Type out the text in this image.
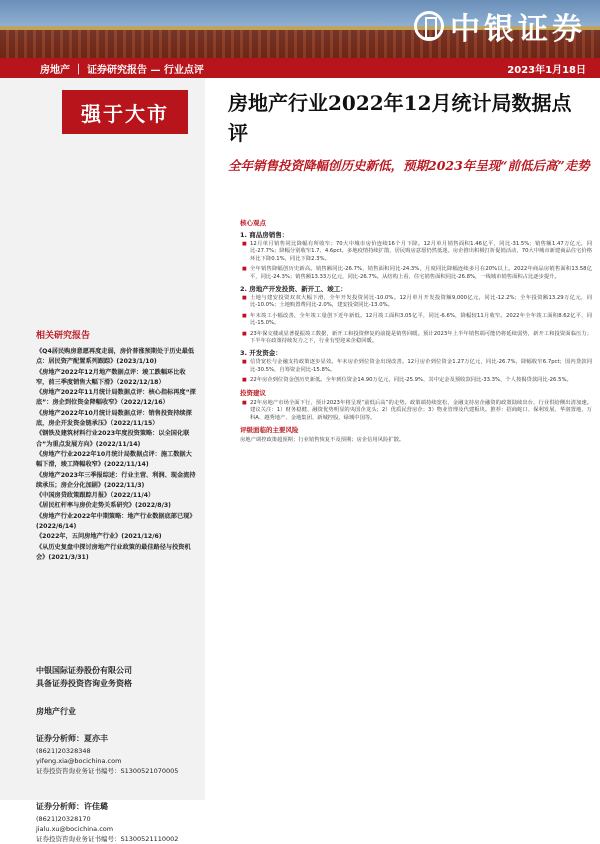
中银证券
房地产 ｜ 证券研究报告 — 行业点评	2023年1月18日
强于大市
相关研究报告
《Q4居民购房意愿再度走弱，房价普涨预期处于历史最低点：居民资产配置系列跟踪》(2023/1/10)
《房地产2022年12月地产数据点评：竣工跌幅环比收窄，前三季度销售大幅下滑》（2022/12/18）
《房地产2022年11月统计局数据点评：核心指标再度“探底”：房企到位资金降幅收窄》（2022/12/16）
《房地产2022年10月统计局数据点评：销售投资持续探底，房企开发资金链承压》（2022/11/15）
《钢铁及建筑材料行业2023年度投资策略：以全国化联合”为重点发展方向》(2022/11/14)
《房地产行业2022年10月统计局数据点评：施工数据大幅下滑，竣工降幅收窄》(2022/11/14)
《房地产2023年三季报综述：行业主营、利润、现金流持续承压；房企分化加剧》(2022/11/3)
《中国房贷政策跟踪月报》（2022/11/4）
《居民杠杆率与房价走势关系研究》(2022/8/3)
《房地产行业2022年中期策略：地产行业数据底部已现》(2022/6/14)
《2022年，五问房地产行业》(2021/12/6)
《从历史复盘中探讨房地产行业政策的最佳路径与投资机会》(2021/3/31)
中银国际证券股份有限公司
具备证券投资咨询业务资格
房地产行业
证券分析师：夏亦丰
(8621)20328348
yifeng.xia@bocichina.com
证券投资咨询业务证书编号：S1300521070005
证券分析师：许佳璐
(8621)20328170
jialu.xu@bocichina.com
证券投资咨询业务证书编号：S1300521110002
房地产行业2022年12月统计局数据点评
全年销售投资降幅创历史新低，预期2023年呈现“前低后高”走势
核心观点
1. 商品房销售：
■ 12月单月销售同比降幅有所收窄；70大中城市房价连续16个月下降。12月单月销售面积1.46亿平，同比-31.5%；销售额1.47万亿元，同比-27.7%；降幅分别收窄1.7、4.6pct。多地疫情持续扩散，居民购房意愿仍然低迷。房企推出积极打折促销活动，70大中城市新建商品住宅价格环比下降0.1%，同比下降2.3%。
■ 全年销售降幅创历史新高。销售额同比-26.7%，销售面积同比-24.3%，月度同比降幅连续多月在20%以上。2022年商品房销售面积13.58亿平，同比-24.3%；销售额13.33万亿元，同比-26.7%。从结构上看，住宅销售面积同比-26.8%，一线城市销售面积占比逐步提升。
2. 房地产开发投资、新开工、竣工：
■ 土地与建安投资双双大幅下滑，全年开发投资同比-10.0%。12月单月开发投资额9,000亿元，同比-12.2%；全年投资额13.29万亿元，同比-10.0%；土地购置费同比-2.0%，建安投资同比-13.0%。
■ 年末竣工小幅改善，全年竣工量创下近年新低。12月竣工面积3.05亿平，同比-6.6%，降幅较11月收窄。2022年全年竣工面积8.62亿平，同比-15.0%。
■ 23年保交楼或显著提振竣工数据，新开工和投资修复的前提是销售回暖。预计2023年上半年销售端可能仍将延续弱势，新开工和投资面临压力；下半年在政策持续发力之下，行业有望迎来企稳回暖。
3. 开发资金：
■ 信贷宽松与金融支持政策逐步显效。年末房企到位资金出现改善。12月房企到位资金1.27万亿元，同比-26.7%，降幅收窄6.7pct；国内贷款同比-30.5%，自筹资金同比-15.8%。
■ 22年房企到位资金创历史新低。全年到位资金14.90万亿元，同比-25.9%，其中定金及预收款同比-33.3%，个人按揭贷款同比-26.5%。
投资建议
■ 22年房地产市场全面下行，预计2023年将呈现“前低后高”的走势。政策端持续宽松，金融支持房企融资的政策陆续出台，行业供给侧出清加速。建议关注：1）财务稳健、融资优势明显的央国企龙头；2）优质民营房企；3）物业管理及代建板块。推荐：招商蛇口、保利发展、华润置地、万科A、越秀地产、金地集团、新城控股、绿城中国等。
评级面临的主要风险
房地产调控政策超预期；行业销售恢复不及预期；房企信用风险扩散。
